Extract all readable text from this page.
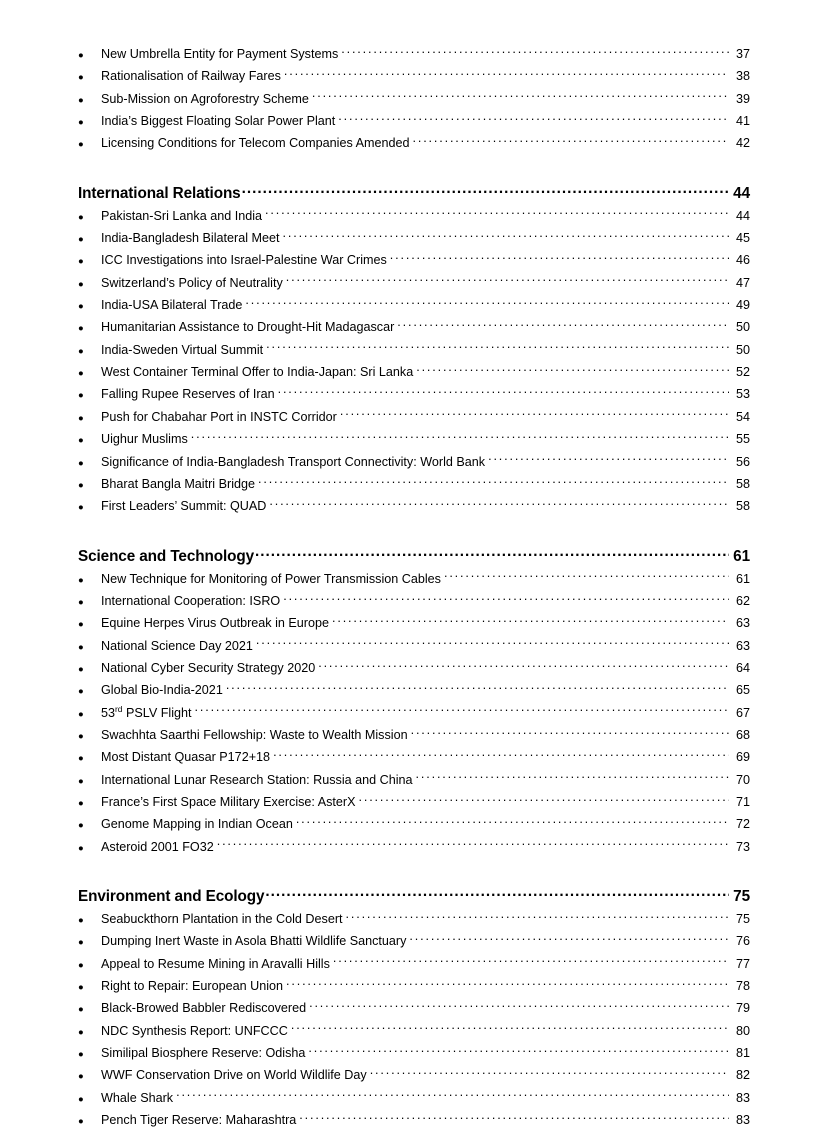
●	New Umbrella Entity for Payment Systems .....	37
●	Rationalisation of Railway Fares .....	38
●	Sub-Mission on Agroforestry Scheme .....	39
●	India’s Biggest Floating Solar Power Plant .....	41
●	Licensing Conditions for Telecom Companies Amended .....	42
International Relations .....	44
●	Pakistan-Sri Lanka and India .....	44
●	India-Bangladesh Bilateral Meet .....	45
●	ICC Investigations into Israel-Palestine War Crimes .....	46
●	Switzerland’s Policy of Neutrality .....	47
●	India-USA Bilateral Trade .....	49
●	Humanitarian Assistance to Drought-Hit Madagascar .....	50
●	India-Sweden Virtual Summit .....	50
●	West Container Terminal Offer to India-Japan: Sri Lanka .....	52
●	Falling Rupee Reserves of Iran .....	53
●	Push for Chabahar Port in INSTC Corridor .....	54
●	Uighur Muslims .....	55
●	Significance of India-Bangladesh Transport Connectivity: World Bank .....	56
●	Bharat Bangla Maitri Bridge .....	58
●	First Leaders’ Summit: QUAD .....	58
Science and Technology .....	61
●	New Technique for Monitoring of Power Transmission Cables .....	61
●	International Cooperation: ISRO .....	62
●	Equine Herpes Virus Outbreak in Europe .....	63
●	National Science Day 2021 .....	63
●	National Cyber Security Strategy 2020 .....	64
●	Global Bio-India-2021 .....	65
●	53rd PSLV Flight .....	67
●	Swachhta Saarthi Fellowship: Waste to Wealth Mission .....	68
●	Most Distant Quasar P172+18 .....	69
●	International Lunar Research Station: Russia and China .....	70
●	France’s First Space Military Exercise: AsterX .....	71
●	Genome Mapping in Indian Ocean .....	72
●	Asteroid 2001 FO32 .....	73
Environment and Ecology .....	75
●	Seabuckthorn Plantation in the Cold Desert .....	75
●	Dumping Inert Waste in Asola Bhatti Wildlife Sanctuary .....	76
●	Appeal to Resume Mining in Aravalli Hills .....	77
●	Right to Repair: European Union .....	78
●	Black-Browed Babbler Rediscovered .....	79
●	NDC Synthesis Report: UNFCCC .....	80
●	Similipal Biosphere Reserve: Odisha .....	81
●	WWF Conservation Drive on World Wildlife Day .....	82
●	Whale Shark .....	83
●	Pench Tiger Reserve: Maharashtra .....	83
